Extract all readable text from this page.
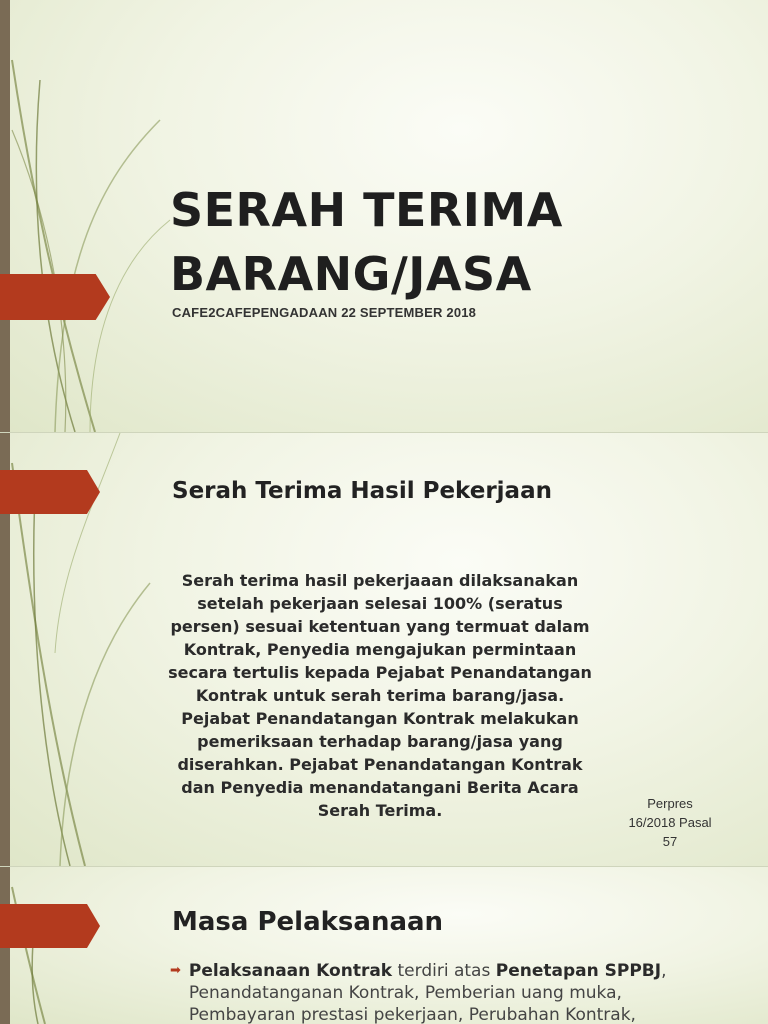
SERAH TERIMA
BARANG/JASA

CAFE2CAFEPENGADAAN 22 SEPTEMBER 2018

Serah Terima Hasil Pekerjaan

Serah terima hasil pekerjaaan dilaksanakan setelah pekerjaan selesai 100% (seratus persen) sesuai ketentuan yang termuat dalam Kontrak, Penyedia mengajukan permintaan secara tertulis kepada Pejabat Penandatangan Kontrak untuk serah terima barang/jasa. Pejabat Penandatangan Kontrak melakukan pemeriksaan terhadap barang/jasa yang diserahkan. Pejabat Penandatangan Kontrak dan Penyedia menandatangani Berita Acara Serah Terima.	Perpres
16/2018 Pasal
57

Masa Pelaksanaan
➡ Pelaksanaan Kontrak terdiri atas Penetapan SPPBJ, Penandatanganan Kontrak, Pemberian uang muka, Pembayaran prestasi pekerjaan, Perubahan Kontrak,
